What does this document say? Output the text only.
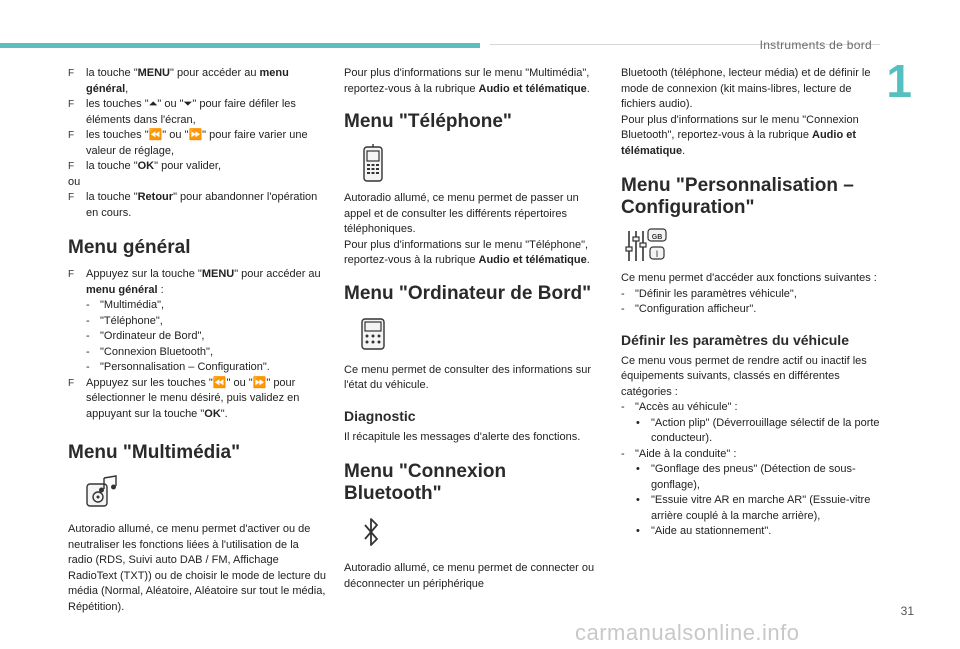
Instruments de bord
1
F la touche "MENU" pour accéder au menu général,
F les touches "⏶" ou "⏷" pour faire défiler les éléments dans l'écran,
F les touches "⏪" ou "⏩" pour faire varier une valeur de réglage,
F la touche "OK" pour valider,
ou
F la touche "Retour" pour abandonner l'opération en cours.
Menu général
F Appuyez sur la touche "MENU" pour accéder au menu général :
- "Multimédia",
- "Téléphone",
- "Ordinateur de Bord",
- "Connexion Bluetooth",
- "Personnalisation – Configuration".
F Appuyez sur les touches "⏪" ou "⏩" pour sélectionner le menu désiré, puis validez en appuyant sur la touche "OK".
Menu "Multimédia"
Autoradio allumé, ce menu permet d'activer ou de neutraliser les fonctions liées à l'utilisation de la radio (RDS, Suivi auto DAB / FM, Affichage RadioText (TXT)) ou de choisir le mode de lecture du média (Normal, Aléatoire, Aléatoire sur tout le média, Répétition).
Pour plus d'informations sur le menu "Multimédia", reportez-vous à la rubrique Audio et télématique.
Menu "Téléphone"
Autoradio allumé, ce menu permet de passer un appel et de consulter les différents répertoires téléphoniques.
Pour plus d'informations sur le menu "Téléphone", reportez-vous à la rubrique Audio et télématique.
Menu "Ordinateur de Bord"
Ce menu permet de consulter des informations sur l'état du véhicule.
Diagnostic
Il récapitule les messages d'alerte des fonctions.
Menu "Connexion Bluetooth"
Autoradio allumé, ce menu permet de connecter ou déconnecter un périphérique
Bluetooth (téléphone, lecteur média) et de définir le mode de connexion (kit mains-libres, lecture de fichiers audio).
Pour plus d'informations sur le menu "Connexion Bluetooth", reportez-vous à la rubrique Audio et télématique.
Menu "Personnalisation – Configuration"
I
GB
Ce menu permet d'accéder aux fonctions suivantes :
- "Définir les paramètres véhicule",
- "Configuration afficheur".
Définir les paramètres du véhicule
Ce menu vous permet de rendre actif ou inactif les équipements suivants, classés en différentes catégories :
- "Accès au véhicule" :
• "Action plip" (Déverrouillage sélectif de la porte conducteur).
- "Aide à la conduite" :
• "Gonflage des pneus" (Détection de sous-gonflage),
• "Essuie vitre AR en marche AR" (Essuie-vitre arrière couplé à la marche arrière),
• "Aide au stationnement".
31
carmanualsonline.info
